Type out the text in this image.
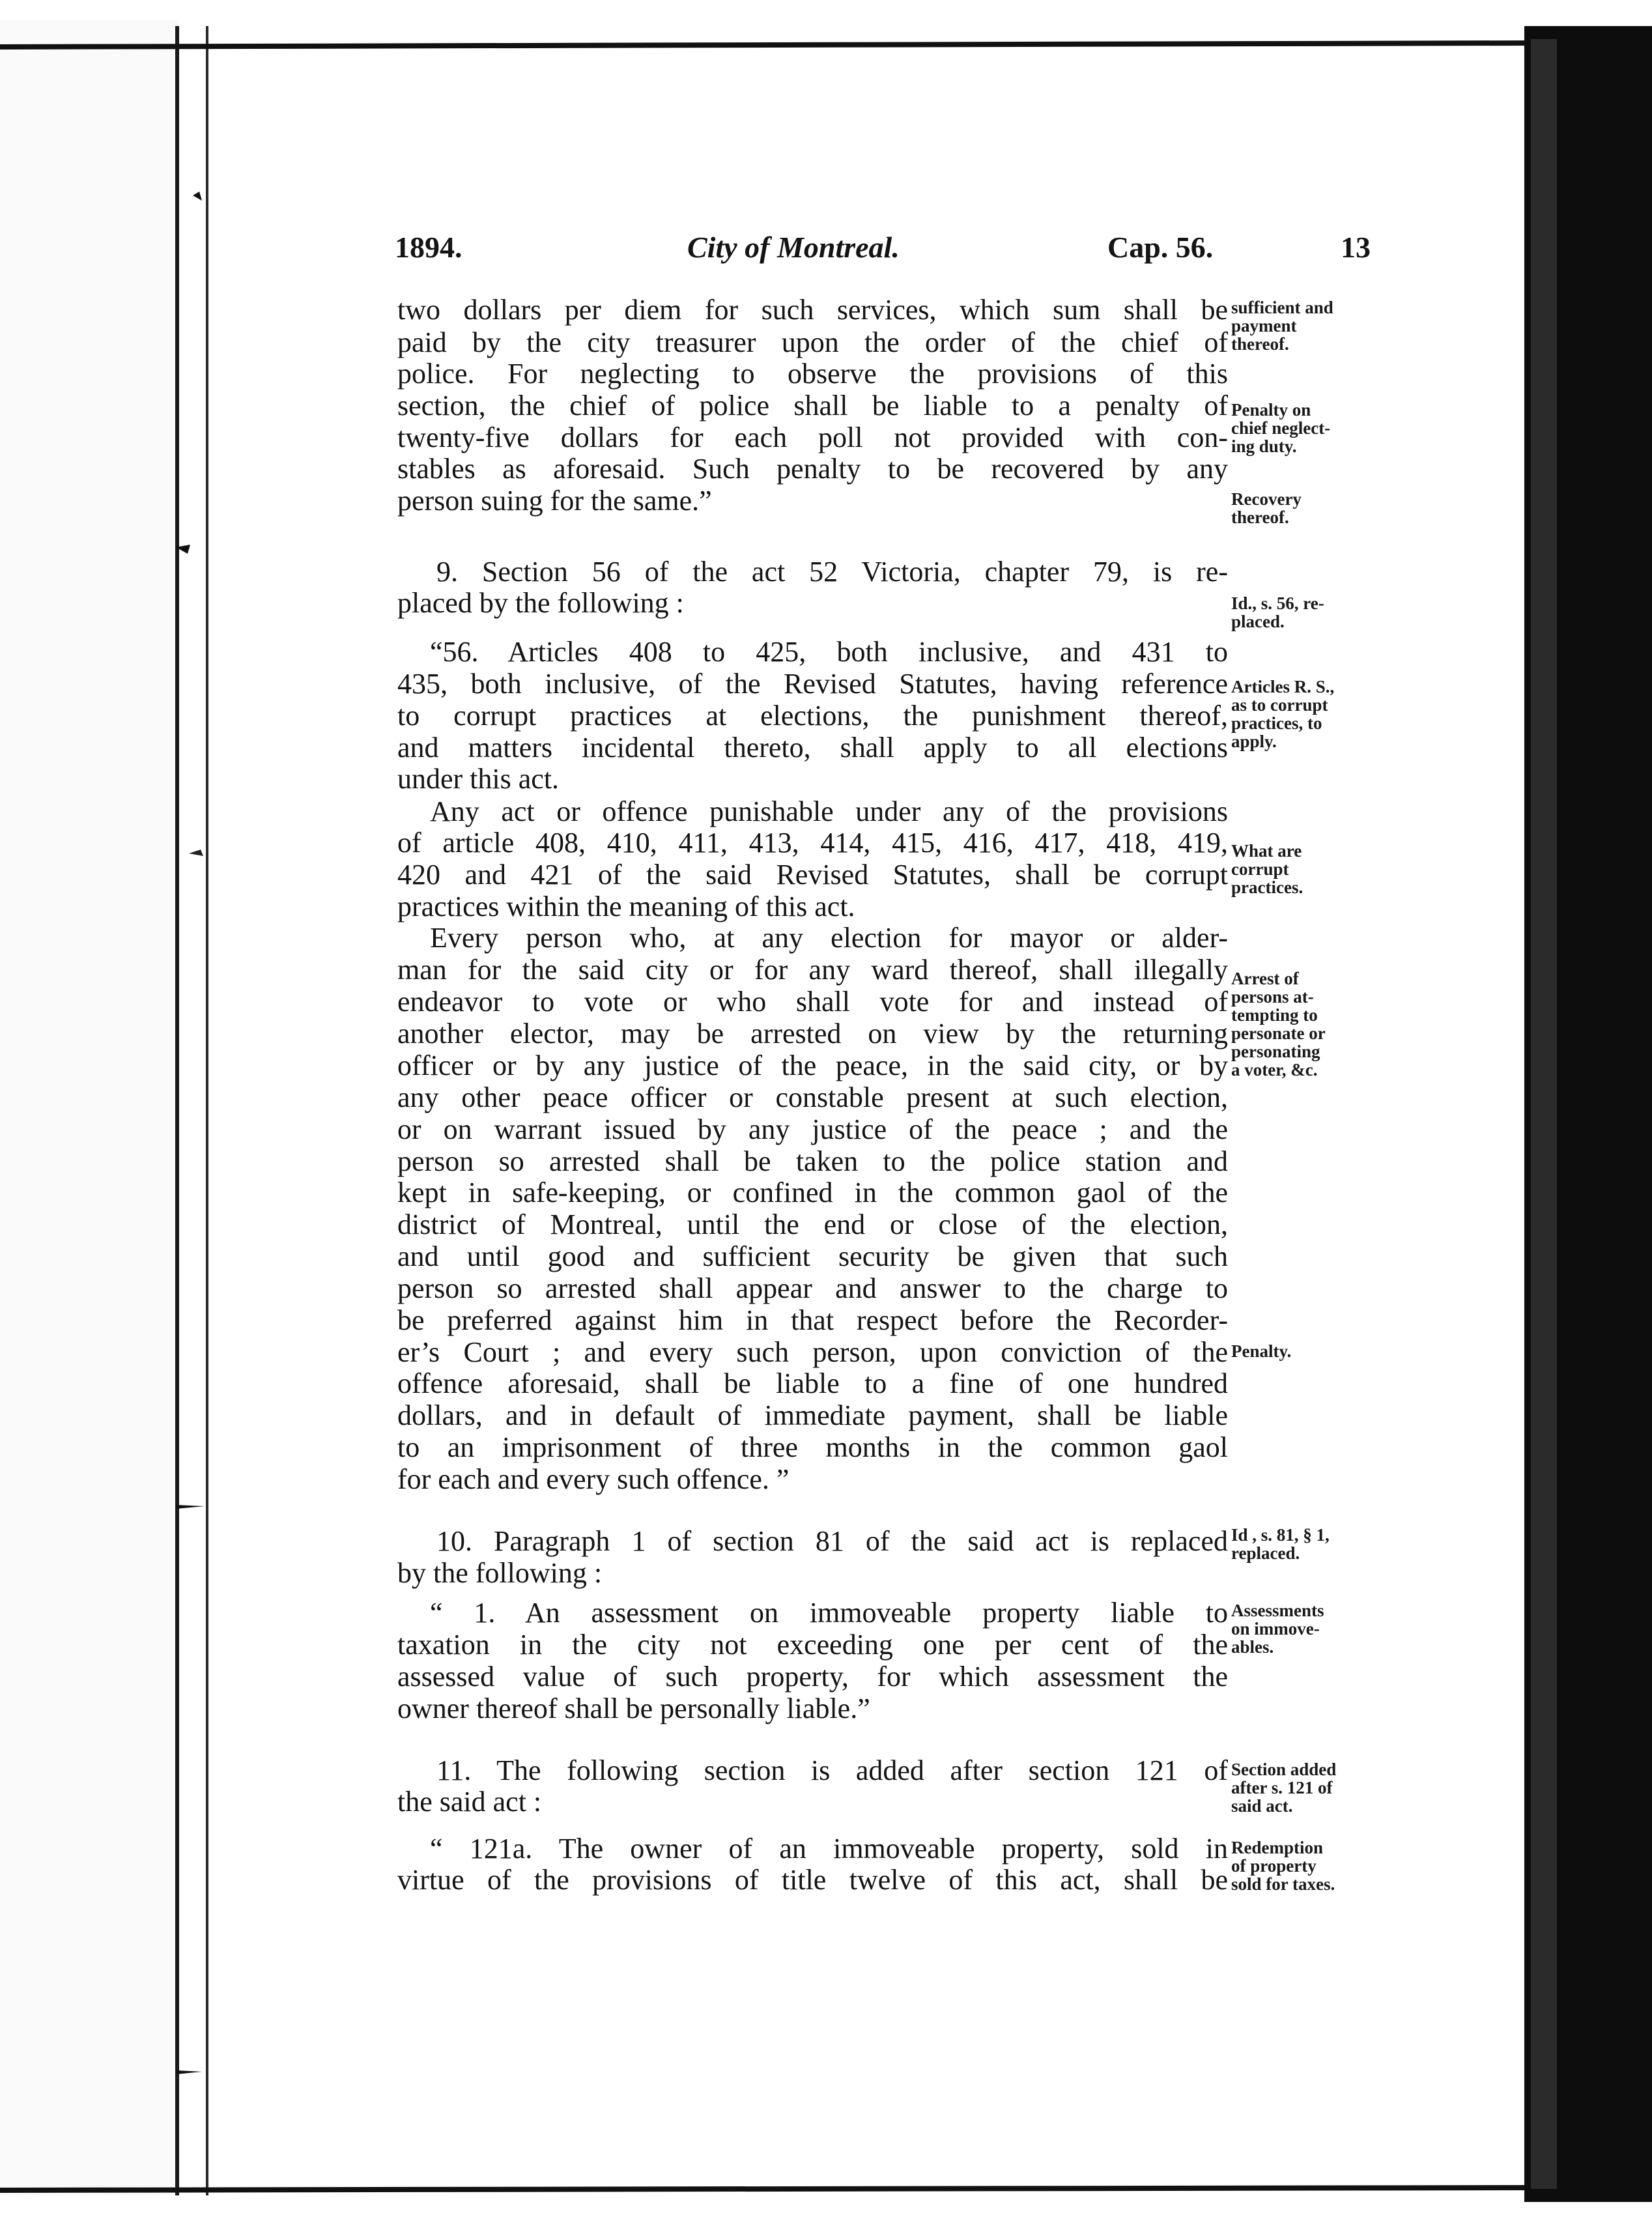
1894.	City of Montreal.	Cap. 56.	13
two dollars per diem for such services, which sum shall be
paid by the city treasurer upon the order of the chief of
police. For neglecting to observe the provisions of this
section, the chief of police shall be liable to a penalty of
twenty-five dollars for each poll not provided with con-
stables as aforesaid. Such penalty to be recovered by any
person suing for the same.”
9. Section 56 of the act 52 Victoria, chapter 79, is re-
placed by the following :
“56. Articles 408 to 425, both inclusive, and 431 to
435, both inclusive, of the Revised Statutes, having reference
to corrupt practices at elections, the punishment thereof,
and matters incidental thereto, shall apply to all elections
under this act.
Any act or offence punishable under any of the provisions
of article 408, 410, 411, 413, 414, 415, 416, 417, 418, 419,
420 and 421 of the said Revised Statutes, shall be corrupt
practices within the meaning of this act.
Every person who, at any election for mayor or alder-
man for the said city or for any ward thereof, shall illegally
endeavor to vote or who shall vote for and instead of
another elector, may be arrested on view by the returning
officer or by any justice of the peace, in the said city, or by
any other peace officer or constable present at such election,
or on warrant issued by any justice of the peace ; and the
person so arrested shall be taken to the police station and
kept in safe-keeping, or confined in the common gaol of the
district of Montreal, until the end or close of the election,
and until good and sufficient security be given that such
person so arrested shall appear and answer to the charge to
be preferred against him in that respect before the Recorder-
er’s Court ; and every such person, upon conviction of the
offence aforesaid, shall be liable to a fine of one hundred
dollars, and in default of immediate payment, shall be liable
to an imprisonment of three months in the common gaol
for each and every such offence. ”
10. Paragraph 1 of section 81 of the said act is replaced
by the following :
“ 1. An assessment on immoveable property liable to
taxation in the city not exceeding one per cent of the
assessed value of such property, for which assessment the
owner thereof shall be personally liable.”
11. The following section is added after section 121 of
the said act :
“ 121a. The owner of an immoveable property, sold in
virtue of the provisions of title twelve of this act, shall be
sufficient and
payment
thereof.
Penalty on
chief neglect-
ing duty.
Recovery
thereof.
Id., s. 56, re-
placed.
Articles R. S.,
as to corrupt
practices, to
apply.
What are
corrupt
practices.
Arrest of
persons at-
tempting to
personate or
personating
a voter, &c.
Penalty.
Id , s. 81, § 1,
replaced.
Assessments
on immove-
ables.
Section added
after s. 121 of
said act.
Redemption
of property
sold for taxes.
